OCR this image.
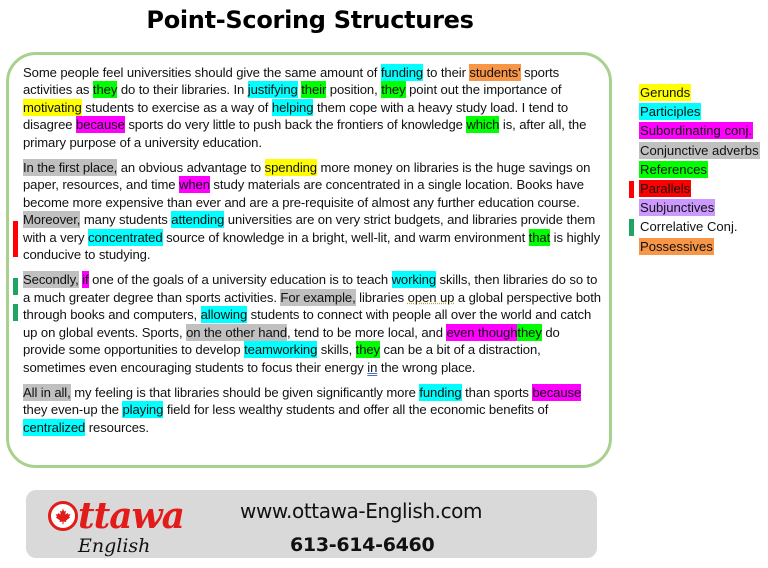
Point-Scoring Structures

Some people feel universities should give the same amount of funding to their students' sports activities as they do to their libraries. In justifying their position, they point out the importance of motivating students to exercise as a way of helping them cope with a heavy study load. I tend to disagree because sports do very little to push back the frontiers of knowledge which is, after all, the primary purpose of a university education.

In the first place, an obvious advantage to spending more money on libraries is the huge savings on paper, resources, and time when study materials are concentrated in a single location. Books have become more expensive than ever and are a pre-requisite of almost any further education course. Moreover, many students attending universities are on very strict budgets, and libraries provide them with a very concentrated source of knowledge in a bright, well-lit, and warm environment that is highly conducive to studying.

Secondly, if one of the goals of a university education is to teach working skills, then libraries do so to a much greater degree than sports activities. For example, libraries open up a global perspective both through books and computers, allowing students to connect with people all over the world and catch up on global events. Sports, on the other hand, tend to be more local, and even thoughthey do provide some opportunities to develop teamworking skills, they can be a bit of a distraction, sometimes even encouraging students to focus their energy in the wrong place.

All in all, my feeling is that libraries should be given significantly more funding than sports because they even-up the playing field for less wealthy students and offer all the economic benefits of centralized resources.

Gerunds
Participles
Subordinating conj.
Conjunctive adverbs
References
Parallels
Subjunctives
Correlative Conj.
Possessives
ttawa
English
www.ottawa-English.com
613-614-6460
